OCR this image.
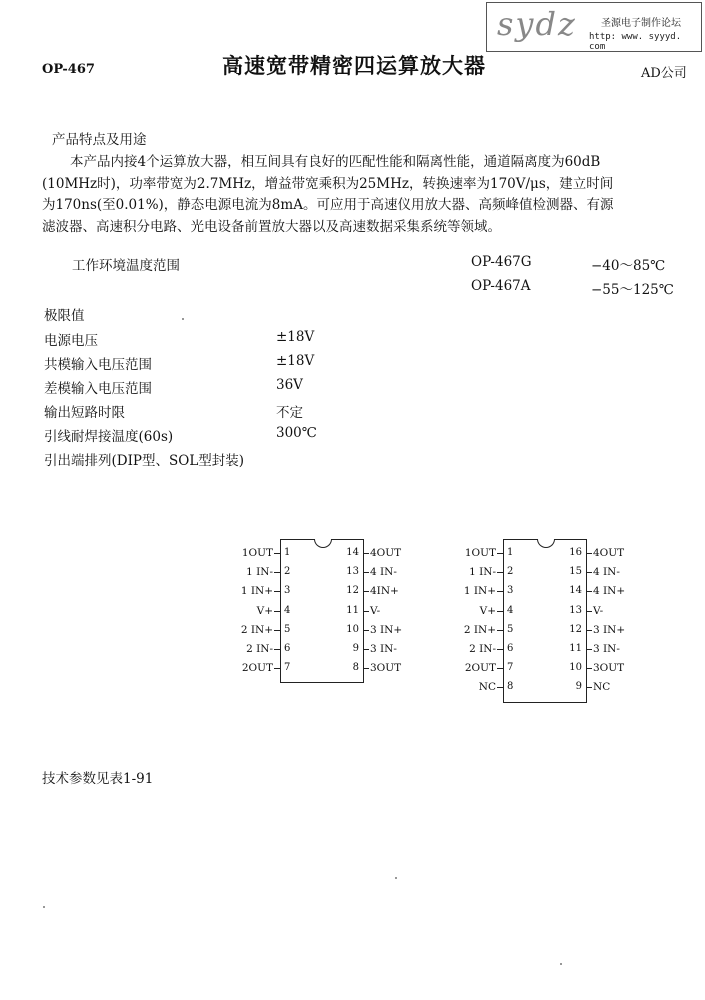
OP-467	高速宽带精密四运算放大器	AD公司
sydz 圣源电子制作论坛
http: www. syyyd. com
产品特点及用途

本产品内接4个运算放大器，相互间具有良好的匹配性能和隔离性能，通道隔离度为60dB

(10MHz时)，功率带宽为2.7MHz，增益带宽乘积为25MHz，转换速率为170V/μs，建立时间

为170ns(至0.01%)，静态电源电流为8mA。可应用于高速仪用放大器、高频峰值检测器、有源

滤波器、高速积分电路、光电设备前置放大器以及高速数据采集系统等领域。

工作环境温度范围	OP-467G	−40～85℃
OP-467A	−55～125℃
极限值
电源电压	±18V
共模输入电压范围	±18V
差模输入电压范围	36V
输出短路时限	不定
引线耐焊接温度(60s)	300℃
引出端排列(DIP型、SOL型封装)
1
1OUT
2
1 IN-
3
1 IN+
4
V+
5
2 IN+
6
2 IN-
7
2OUT
14 4OUT
13 4 IN-
12 4IN+
11 V-
10 3 IN+
9 3 IN-
8 3OUT
1
1OUT
2
1 IN-
3
1 IN+
4
V+
5
2 IN+
6
2 IN-
7
2OUT
8
NC
16 4OUT
15 4 IN-
14 4 IN+
13 V-
12 3 IN+
11 3 IN-
10 3OUT
9 NC
技术参数见表1-91
